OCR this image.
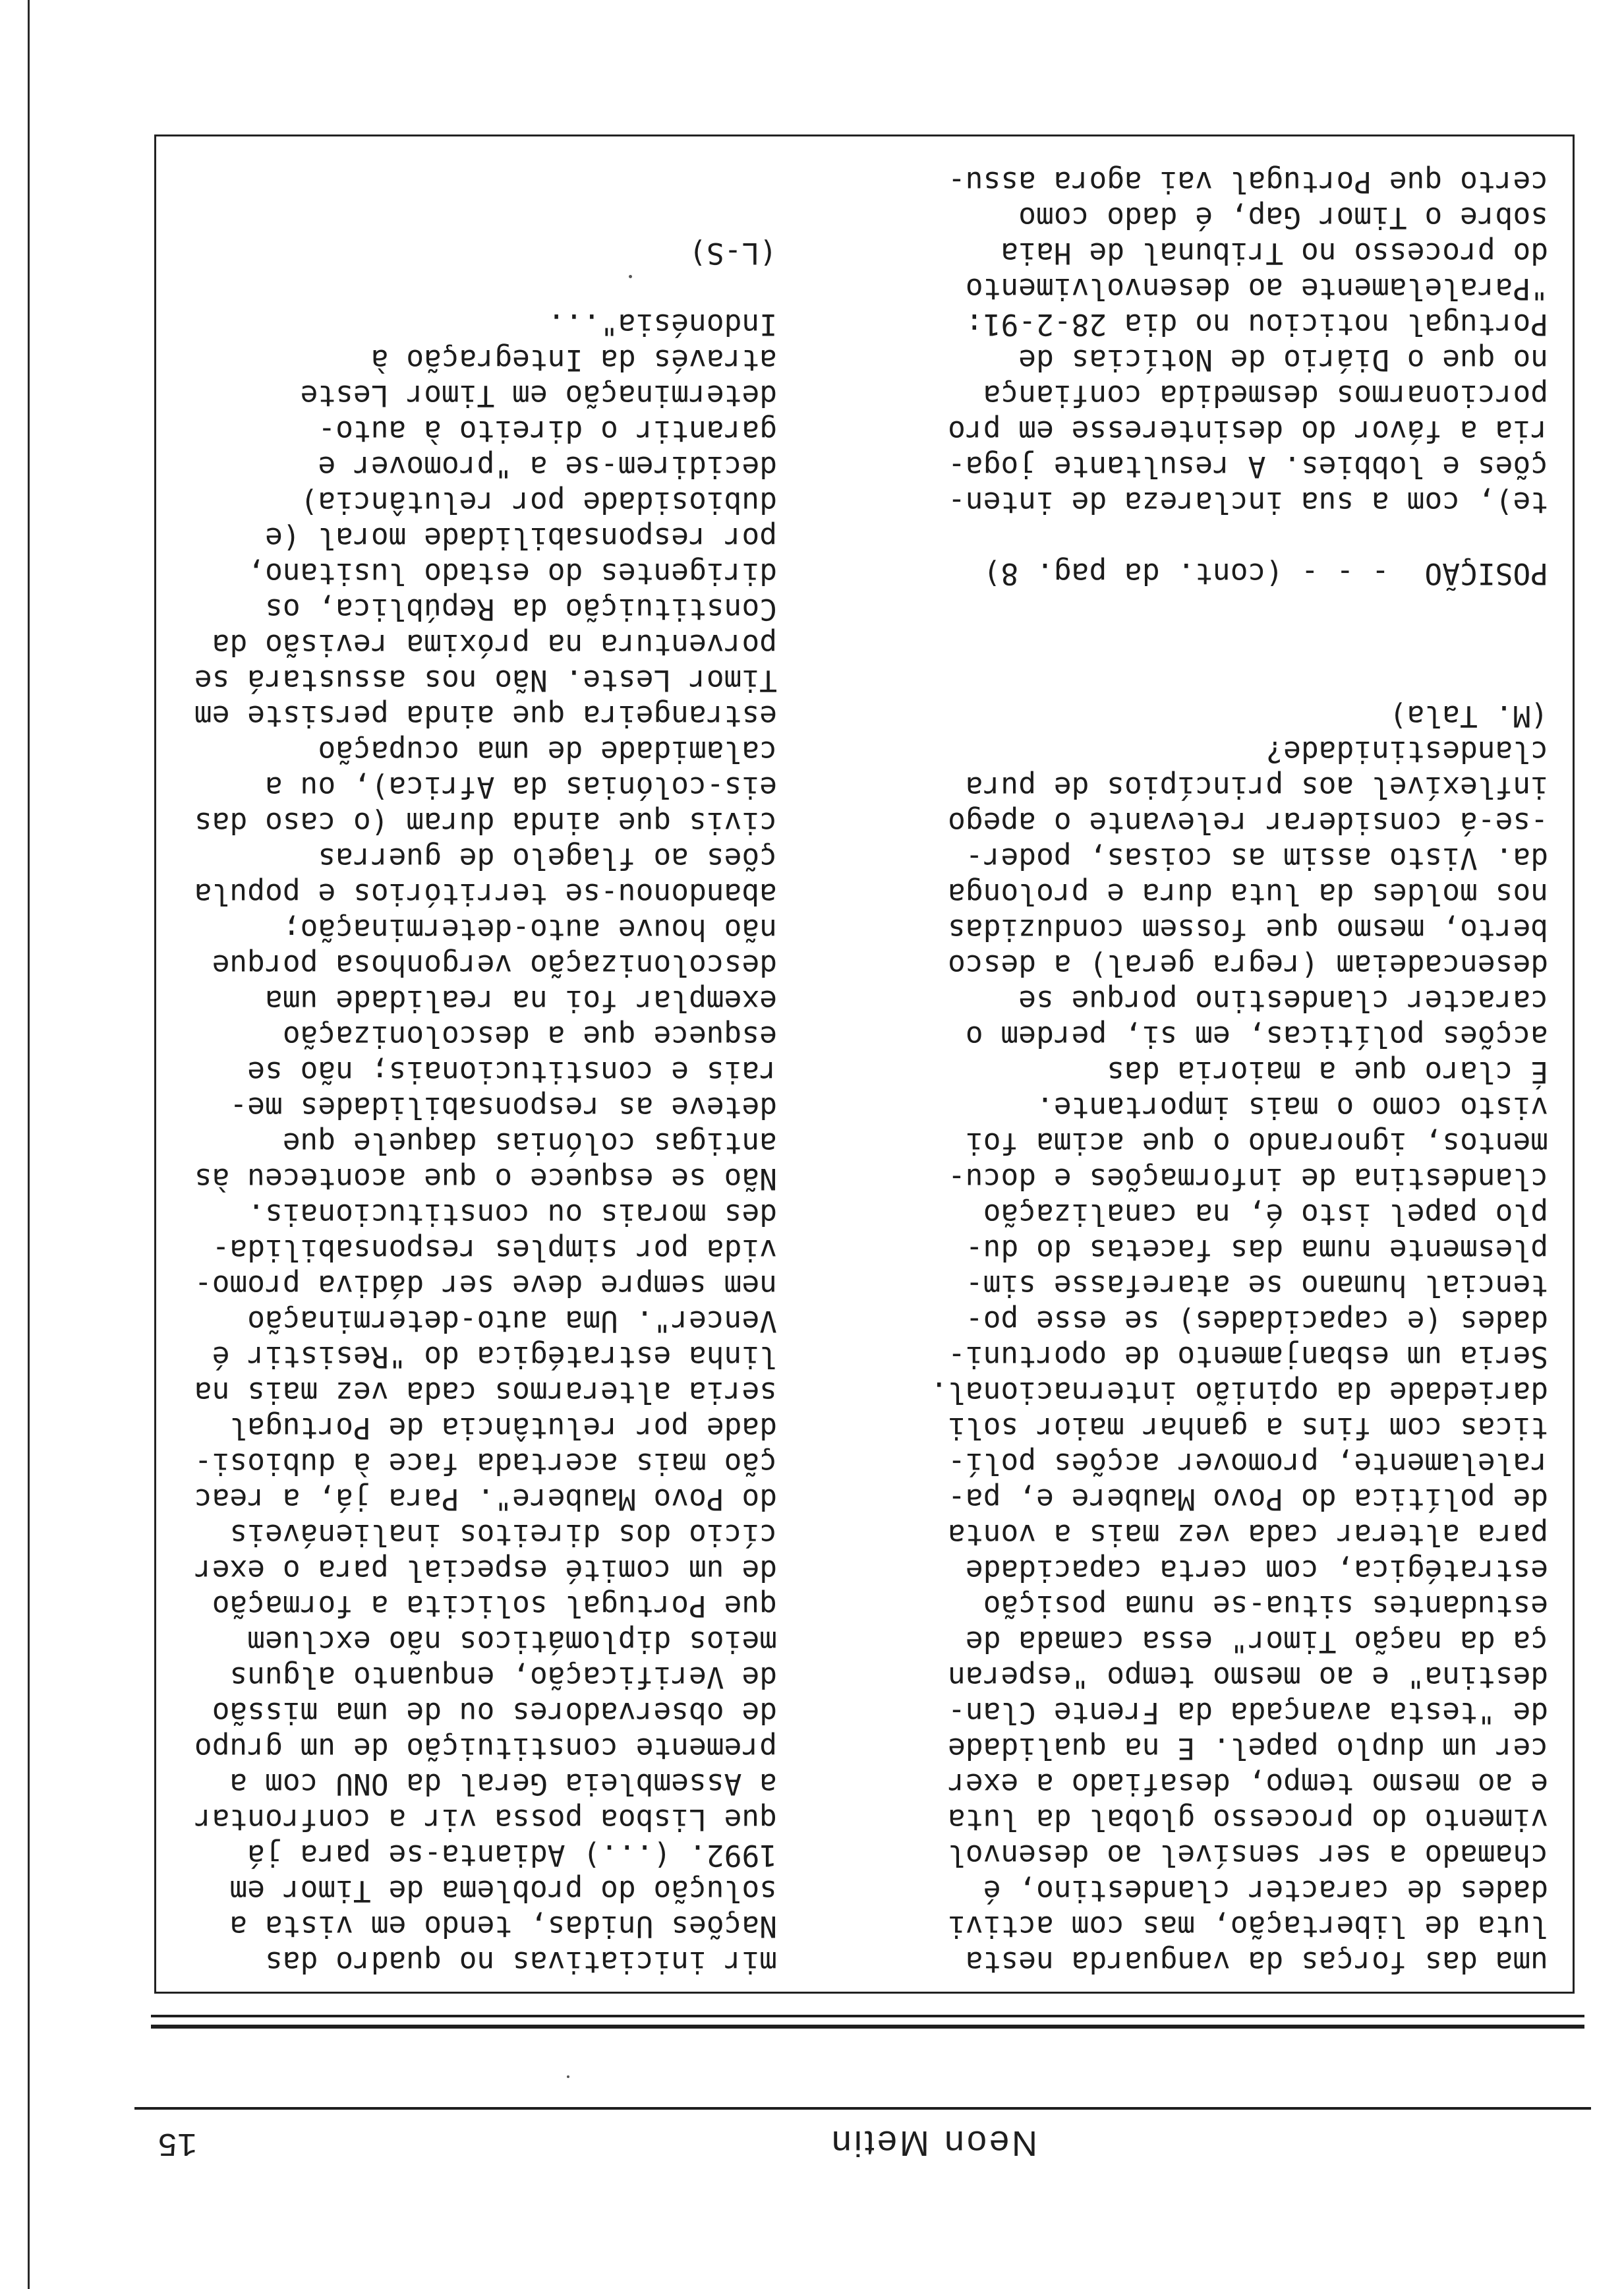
15	Neon Metin
uma das forças da vanguarda nesta
luta de libertação, mas com activi
dades de caracter clandestino, é
chamado a ser sensível ao desenvol
vimento do processo global da luta
e ao mesmo tempo, desafiado a exer
cer um duplo papel. E na qualidade
de "testa avançada da Frente Clan-
destina" e ao mesmo tempo "esperan
ça da nação Timor" essa camada de
estudantes situa-se numa posição
estratégica, com certa capacidade
para alterar cada vez mais a vonta
de política do Povo Maubere e, pa-
ralelamente, promover acções polí-
ticas com fins a ganhar maior soli
dariedade da opinião internacional.
Seria um esbanjamento de oportuni-
dades (e capacidades) se esse po-
tencial humano se atarefasse sim-
plesmente numa das facetas do du-
plo papel isto é, na canalização
clandestina de informações e docu-
mentos, ignorando o que acima foi
visto como o mais importante.
É claro que a maioria das
acções políticas, em si, perdem o
caracter clandestino porque se
desencadeiam (regra geral) a desco
berto, mesmo que fossem conduzidas
nos moldes da luta dura e prolonga
da. Visto assim as coisas, poder-
-se-á considerar relevante o apego
inflexível aos princípios de pura
clandestinidade?
(M. Tala)
POSIÇÃO  - - - (cont. da pag. 8)
te), com a sua inclareza de inten-
ções e lobbies. A resultante joga-
ria a fávor do desinteresse em pro
porcionarmos desmedida confiança
no que o Diário de Notícias de
Portugal noticiou no dia 28-2-91:
"Paralelamente ao desenvolvimento
do processo no Tribunal de Haia
sobre o Timor Gap, é dado como
certo que Portugal vai agora assu-
mir iniciativas no quadro das
Nações Unidas, tendo em vista a
solução do problema de Timor em
1992. (...) Adianta-se para já
que Lisboa possa vir a confrontar
a Assembleia Geral da ONU com a
premente constituição de um grupo
de observadores ou de uma missão
de Verificação, enquanto alguns
meios diplomáticos não excluem
que Portugal solicita a formação
de um comité especial para o exer
cício dos direitos inalienáveis
do Povo Maubere". Para já, a reac
ção mais acertada face à dubiosi-
dade por relutância de Portugal
seria alterarmos cada vez mais na
linha estratégica do "Resistir é
Vencer". Uma auto-determinação
nem sempre deve ser dádiva promo-
vida por simples responsabilida-
des morais ou constitucionais.
Não se esquece o que aconteceu às
antigas colónias daquele que
deteve as responsabilidades me-
rais e constitucionais; não se
esquece que a descolonização
exemplar foi na realidade uma
descolonização vergonhosa porque
não houve auto-determinação;
abandonou-se territórios e popula
ções ao flagelo de guerras
civis que ainda duram (o caso das
eis-colónias da Africa), ou a
calamidade de uma ocupação
estrangeira que ainda persiste em
Timor Leste. Não nos assustará se
porventura na próxima revisão da
Constituição da República, os
dirigentes do estado lusitano,
por responsabilidade moral (e
dubiosidade por relutância)
decidirem-se a "promover e
garantir o direito à auto-
determinação em Timor Leste
através da Integração à
Indonésia"...
(L-S)
